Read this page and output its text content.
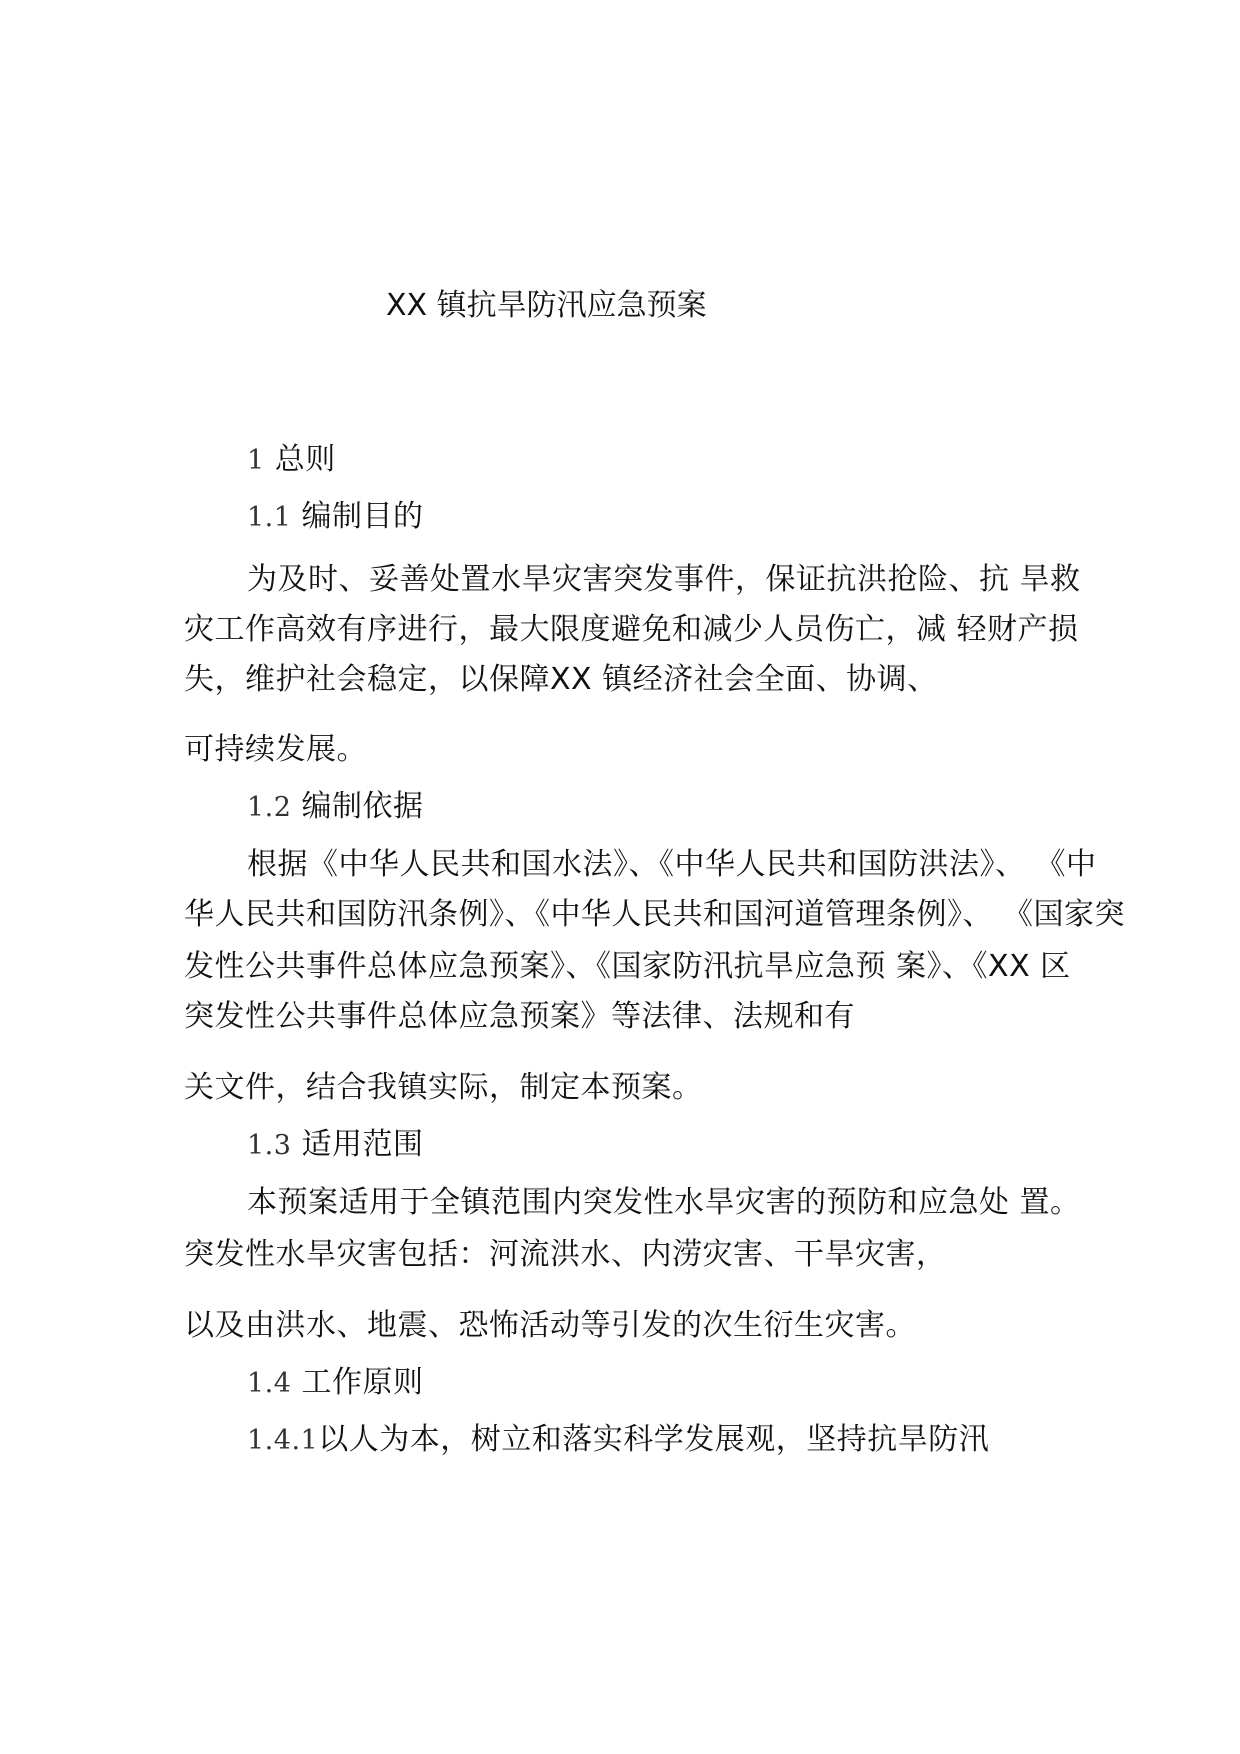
XX 镇抗旱防汛应急预案
1 总则
1.1 编制目的
为及时、妥善处置水旱灾害突发事件，保证抗洪抢险、抗 旱救
灾工作高效有序进行，最大限度避免和减少人员伤亡，减 轻财产损
失，维护社会稳定，以保障XX 镇经济社会全面、协调、
可持续发展。
1.2 编制依据
根据《中华人民共和国水法》、《中华人民共和国防洪法》、 《中
华人民共和国防汛条例》、《中华人民共和国河道管理条例》、 《国家突
发性公共事件总体应急预案》、《国家防汛抗旱应急预 案》、《XX 区
突发性公共事件总体应急预案》等法律、法规和有
关文件，结合我镇实际，制定本预案。
1.3 适用范围
本预案适用于全镇范围内突发性水旱灾害的预防和应急处 置。
突发性水旱灾害包括：河流洪水、内涝灾害、干旱灾害，
以及由洪水、地震、恐怖活动等引发的次生衍生灾害。
1.4 工作原则
1.4.1以人为本，树立和落实科学发展观，坚持抗旱防汛
